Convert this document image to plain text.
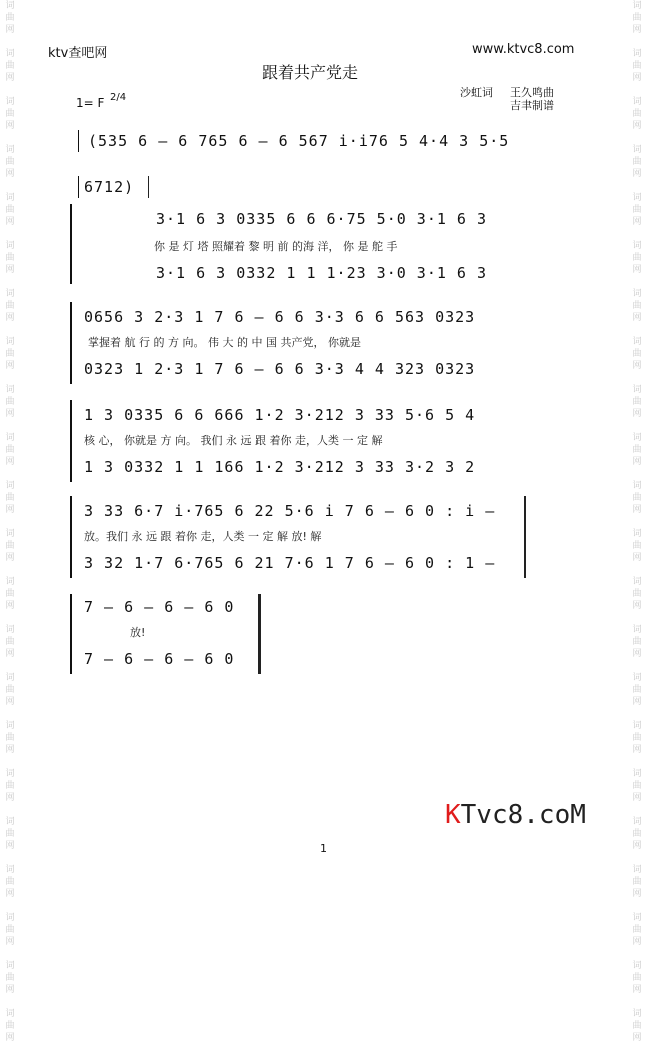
词
曲
网

词
曲
网

词
曲
网

词
曲
网

词
曲
网

词
曲
网

词
曲
网

词
曲
网

词
曲
网

词
曲
网

词
曲
网

词
曲
网

词
曲
网

词
曲
网

词
曲
网

词
曲
网

词
曲
网

词
曲
网

词
曲
网

词
曲
网

词
曲
网

词
曲
网

词
曲
网

词
曲
网

词
曲
网

词
曲
网

词
曲
网

词
曲
网

词
曲
网

词
曲
网

词
曲
网

词
曲
网

词
曲
网

词
曲
网

词
曲
网

词
曲
网

词
曲
网

词
曲
网

词
曲
网

词
曲
网

词
曲
网

词
曲
网

词
曲
网

词
曲
网

ktv查吧网	www.ktvc8.com
跟着共产党走
沙虹词 王久鸣曲
吉聿制谱
1= F 2/4
(535 6 – 6 765 6 – 6 567 i·i76 5 4·4 3 5·5
6712)
3·1 6 3 0335 6 6 6·75 5·0 3·1 6 3
你 是 灯 塔 照耀着 黎 明 前 的海 洋， 你 是 舵 手
3·1 6 3 0332 1 1 1·23 3·0 3·1 6 3
0656 3 2·3 1 7 6 – 6 6 3·3 6 6 563 0323
掌握着 航 行 的 方 向。 伟 大 的 中 国 共产党， 你就是
0323 1 2·3 1 7 6 – 6 6 3·3 4 4 323 0323
1 3 0335 6 6 666 1·2 3·212 3 33 5·6 5 4
核 心， 你就是 方 向。 我们 永 远 跟 着你 走，人类 一 定 解
1 3 0332 1 1 166 1·2 3·212 3 33 3·2 3 2
3 33 6·7 i·765 6 22 5·6 i 7 6 – 6 0 : i –
放。我们 永 远 跟 着你 走，人类 一 定 解 放! 解
3 32 1·7 6·765 6 21 7·6 1 7 6 – 6 0 : 1 –
7 – 6 – 6 – 6 0
放!
7 – 6 – 6 – 6 0
1
KTvc8.coM
